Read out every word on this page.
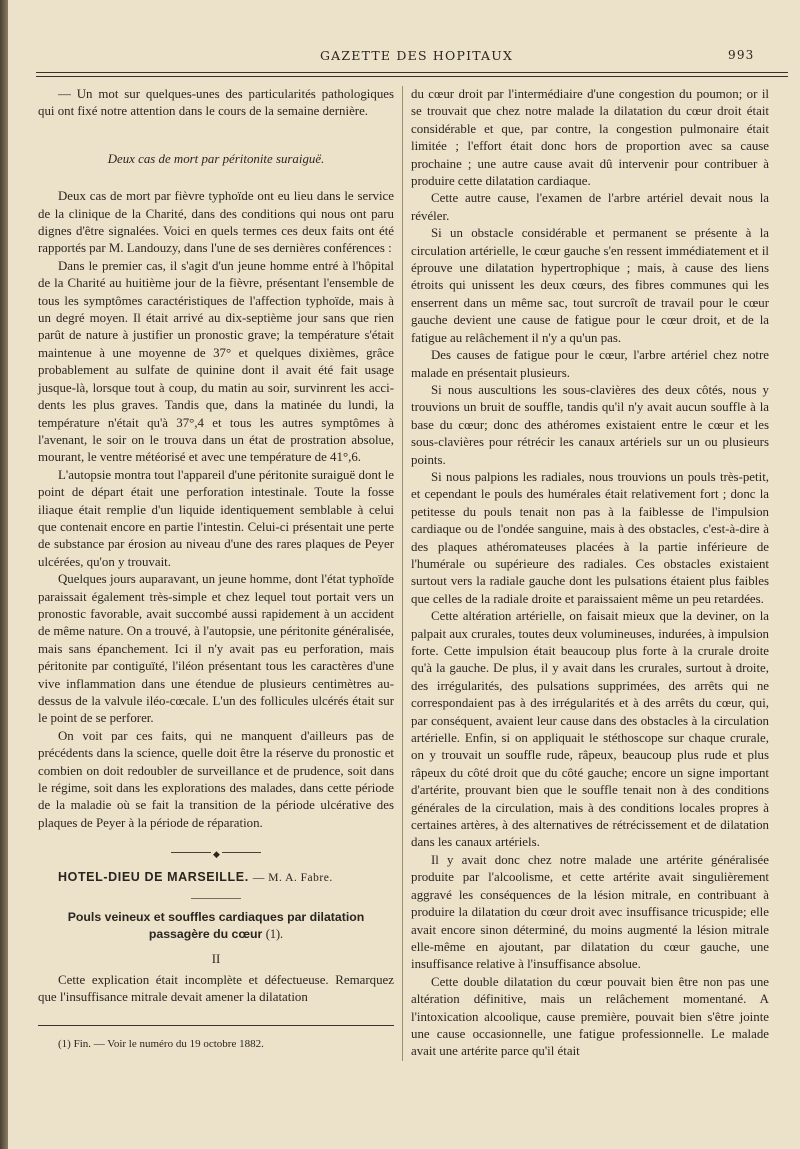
GAZETTE DES HOPITAUX	993

— Un mot sur quelques-unes des particularités pathologiques qui ont fixé notre attention dans le cours de la semaine dernière.

Deux cas de mort par péritonite suraiguë.

Deux cas de mort par fièvre typhoïde ont eu lieu dans le service de la clinique de la Charité, dans des conditions qui nous ont paru dignes d'être signalées. Voici en quels termes ces deux faits ont été rapportés par M. Landouzy, dans l'une de ses dernières conférences :

Dans le premier cas, il s'agit d'un jeune homme entré à l'hôpital de la Charité au huitième jour de la fièvre, présentant l'ensemble de tous les symptômes caractéristiques de l'affection typhoïde, mais à un degré moyen. Il était arrivé au dix-septième jour sans que rien parût de nature à justifier un pronostic grave; la température s'était maintenue à une moyenne de 37° et quelques dixièmes, grâce probablement au sulfate de quinine dont il avait été fait usage jusque-là, lorsque tout à coup, du matin au soir, survinrent les accidents les plus graves. Tandis que, dans la matinée du lundi, la température n'était qu'à 37°,4 et tous les autres symptômes à l'avenant, le soir on le trouva dans un état de prostration absolue, mourant, le ventre météorisé et avec une température de 41°,6.

L'autopsie montra tout l'appareil d'une péritonite suraiguë dont le point de départ était une perforation intestinale. Toute la fosse iliaque était remplie d'un liquide identiquement semblable à celui que contenait encore en partie l'intestin. Celui-ci présentait une perte de substance par érosion au niveau d'une des rares plaques de Peyer ulcérées, qu'on y trouvait.

Quelques jours auparavant, un jeune homme, dont l'état typhoïde paraissait également très-simple et chez lequel tout portait vers un pronostic favorable, avait succombé aussi rapidement à un accident de même nature. On a trouvé, à l'autopsie, une péritonite généralisée, mais sans épanchement. Ici il n'y avait pas eu perforation, mais péritonite par contiguïté, l'iléon présentant tous les caractères d'une vive inflammation dans une étendue de plusieurs centimètres au-dessus de la valvule iléo-cœcale. L'un des follicules ulcérés était sur le point de se perforer.

On voit par ces faits, qui ne manquent d'ailleurs pas de précédents dans la science, quelle doit être la réserve du pronostic et combien on doit redoubler de surveillance et de prudence, soit dans le régime, soit dans les explorations des malades, dans cette période de la maladie où se fait la transition de la période ulcérative des plaques de Peyer à la période de réparation.

◆

HOTEL-DIEU DE MARSEILLE. — M. A. Fabre.

Pouls veineux et souffles cardiaques par dilatation passagère du cœur (1).
II

Cette explication était incomplète et défectueuse. Remarquez que l'insuffisance mitrale devait amener la dilatation

(1) Fin. — Voir le numéro du 19 octobre 1882.

du cœur droit par l'intermédiaire d'une congestion du poumon; or il se trouvait que chez notre malade la dilatation du cœur droit était considérable et que, par contre, la congestion pulmonaire était limitée ; l'effort était donc hors de proportion avec sa cause prochaine ; une autre cause avait dû intervenir pour contribuer à produire cette dilatation cardiaque.

Cette autre cause, l'examen de l'arbre artériel devait nous la révéler.

Si un obstacle considérable et permanent se présente à la circulation artérielle, le cœur gauche s'en ressent immédiatement et il éprouve une dilatation hypertrophique ; mais, à cause des liens étroits qui unissent les deux cœurs, des fibres communes qui les enserrent dans un même sac, tout surcroît de travail pour le cœur gauche devient une cause de fatigue pour le cœur droit, et de la fatigue au relâchement il n'y a qu'un pas.

Des causes de fatigue pour le cœur, l'arbre artériel chez notre malade en présentait plusieurs.

Si nous auscultions les sous-clavières des deux côtés, nous y trouvions un bruit de souffle, tandis qu'il n'y avait aucun souffle à la base du cœur; donc des athéromes existaient entre le cœur et les sous-clavières pour rétrécir les canaux artériels sur un ou plusieurs points.

Si nous palpions les radiales, nous trouvions un pouls très-petit, et cependant le pouls des humérales était relativement fort ; donc la petitesse du pouls tenait non pas à la faiblesse de l'impulsion cardiaque ou de l'ondée sanguine, mais à des obstacles, c'est-à-dire à des plaques athéromateuses placées à la partie inférieure de l'humérale ou supérieure des radiales. Ces obstacles existaient surtout vers la radiale gauche dont les pulsations étaient plus faibles que celles de la radiale droite et paraissaient même un peu retardées.

Cette altération artérielle, on faisait mieux que la deviner, on la palpait aux crurales, toutes deux volumineuses, indurées, à impulsion forte. Cette impulsion était beaucoup plus forte à la crurale droite qu'à la gauche. De plus, il y avait dans les crurales, surtout à droite, des irrégularités, des pulsations supprimées, des arrêts qui ne correspondaient pas à des irrégularités et à des arrêts du cœur, qui, par conséquent, avaient leur cause dans des obstacles à la circulation artérielle. Enfin, si on appliquait le stéthoscope sur chaque crurale, on y trouvait un souffle rude, râpeux, beaucoup plus rude et plus râpeux du côté droit que du côté gauche; encore un signe important d'artérite, prouvant bien que le souffle tenait non à des conditions générales de la circulation, mais à des conditions locales propres à certaines artères, à des alternatives de rétrécissement et de dilatation dans les canaux artériels.

Il y avait donc chez notre malade une artérite généralisée produite par l'alcoolisme, et cette artérite avait singulièrement aggravé les conséquences de la lésion mitrale, en contribuant à produire la dilatation du cœur droit avec insuffisance tricuspide; elle avait encore sinon déterminé, du moins augmenté la lésion mitrale elle-même en ajoutant, par dilatation du cœur gauche, une insuffisance relative à l'insuffisance absolue.

Cette double dilatation du cœur pouvait bien être non pas une altération définitive, mais un relâchement momentané. A l'intoxication alcoolique, cause première, pouvait bien s'être jointe une cause occasionnelle, une fatigue professionnelle. Le malade avait une artérite parce qu'il était
